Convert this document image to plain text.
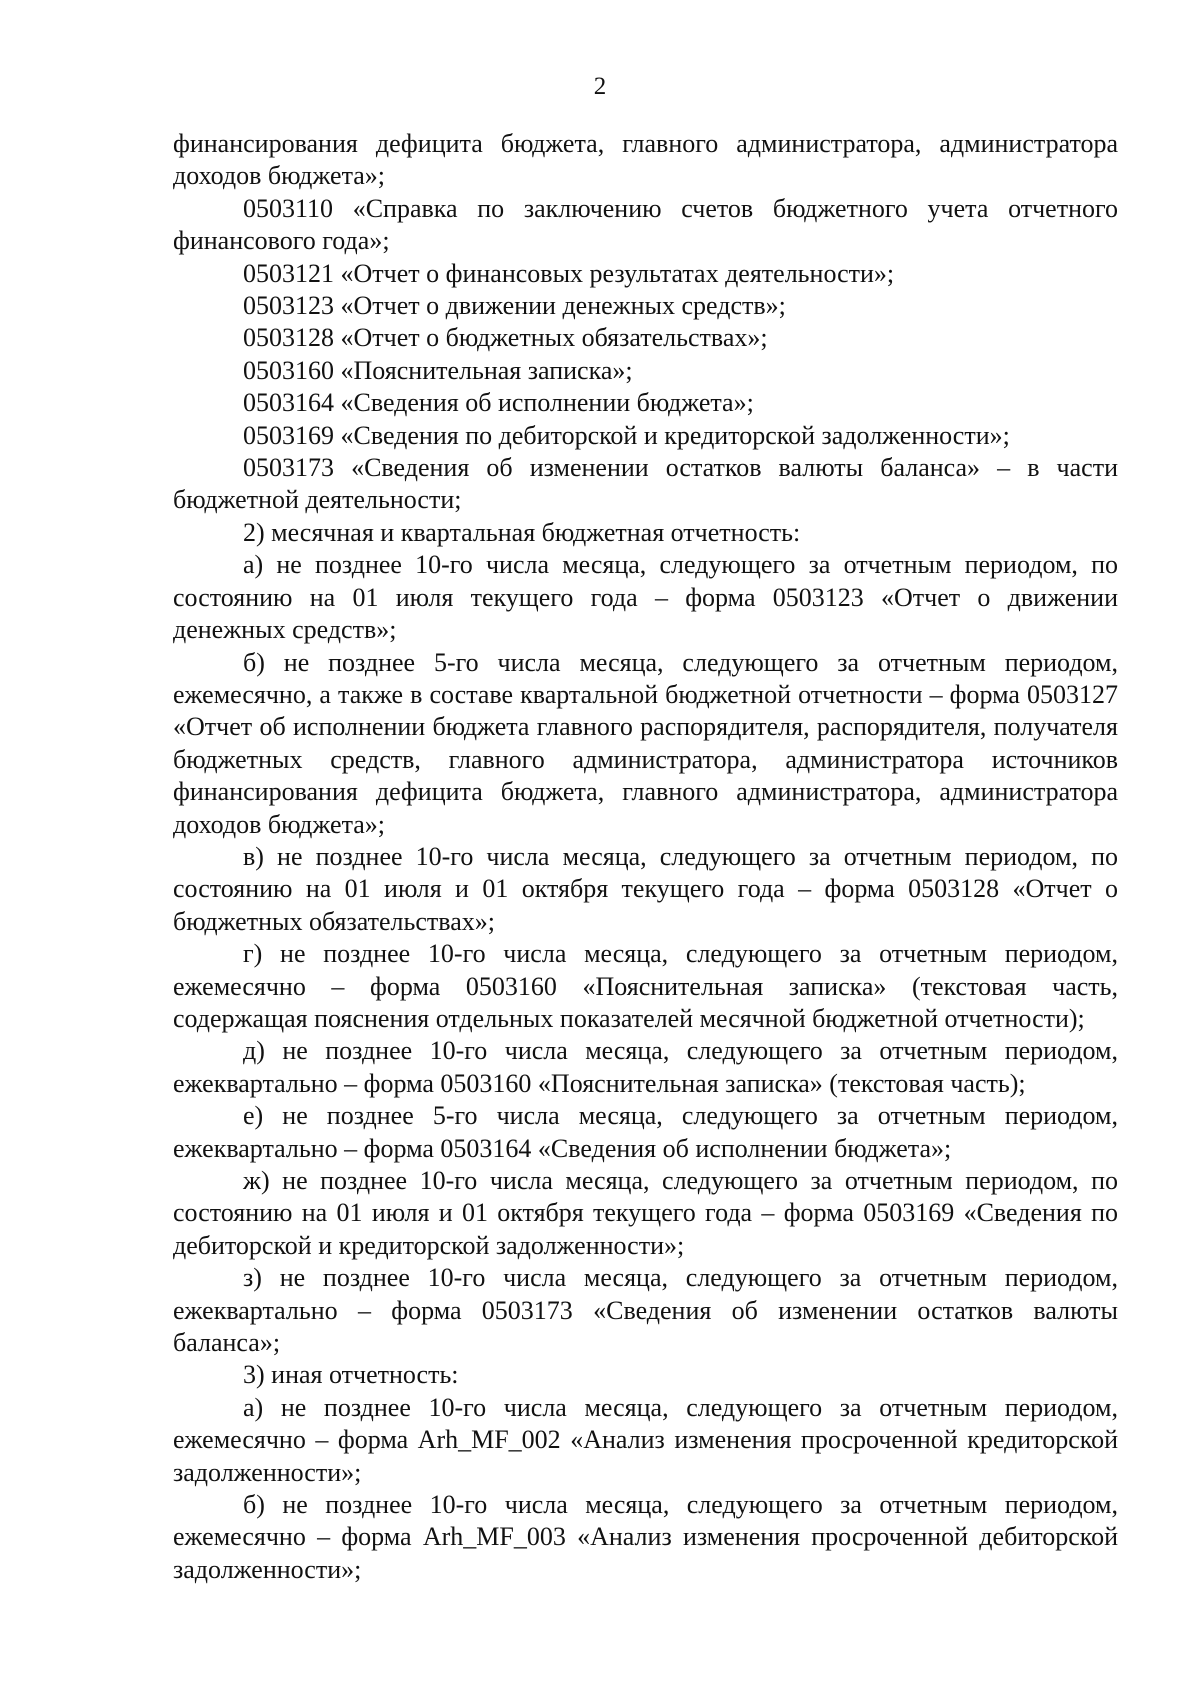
2

финансирования дефицита бюджета, главного администратора, администратора доходов бюджета»;

0503110 «Справка по заключению счетов бюджетного учета отчетного финансового года»;

0503121 «Отчет о финансовых результатах деятельности»;

0503123 «Отчет о движении денежных средств»;

0503128 «Отчет о бюджетных обязательствах»;

0503160 «Пояснительная записка»;

0503164 «Сведения об исполнении бюджета»;

0503169 «Сведения по дебиторской и кредиторской задолженности»;

0503173 «Сведения об изменении остатков валюты баланса» – в части бюджетной деятельности;

2) месячная и квартальная бюджетная отчетность:

а) не позднее 10-го числа месяца, следующего за отчетным периодом, по состоянию на 01 июля текущего года – форма 0503123 «Отчет о движении денежных средств»;

б) не позднее 5-го числа месяца, следующего за отчетным периодом, ежемесячно, а также в составе квартальной бюджетной отчетности – форма 0503127 «Отчет об исполнении бюджета главного распорядителя, распорядителя, получателя бюджетных средств, главного администратора, администратора источников финансирования дефицита бюджета, главного администратора, администратора доходов бюджета»;

в) не позднее 10-го числа месяца, следующего за отчетным периодом, по состоянию на 01 июля и 01 октября текущего года – форма 0503128 «Отчет о бюджетных обязательствах»;

г) не позднее 10-го числа месяца, следующего за отчетным периодом, ежемесячно – форма 0503160 «Пояснительная записка» (текстовая часть, содержащая пояснения отдельных показателей месячной бюджетной отчетности);

д) не позднее 10-го числа месяца, следующего за отчетным периодом, ежеквартально – форма 0503160 «Пояснительная записка» (текстовая часть);

е) не позднее 5-го числа месяца, следующего за отчетным периодом, ежеквартально – форма 0503164 «Сведения об исполнении бюджета»;

ж) не позднее 10-го числа месяца, следующего за отчетным периодом, по состоянию на 01 июля и 01 октября текущего года – форма 0503169 «Сведения по дебиторской и кредиторской задолженности»;

з) не позднее 10-го числа месяца, следующего за отчетным периодом, ежеквартально – форма 0503173 «Сведения об изменении остатков валюты баланса»;

3) иная отчетность:

а) не позднее 10-го числа месяца, следующего за отчетным периодом, ежемесячно – форма Arh_MF_002 «Анализ изменения просроченной кредиторской задолженности»;

б) не позднее 10-го числа месяца, следующего за отчетным периодом, ежемесячно – форма Arh_MF_003 «Анализ изменения просроченной дебиторской задолженности»;
